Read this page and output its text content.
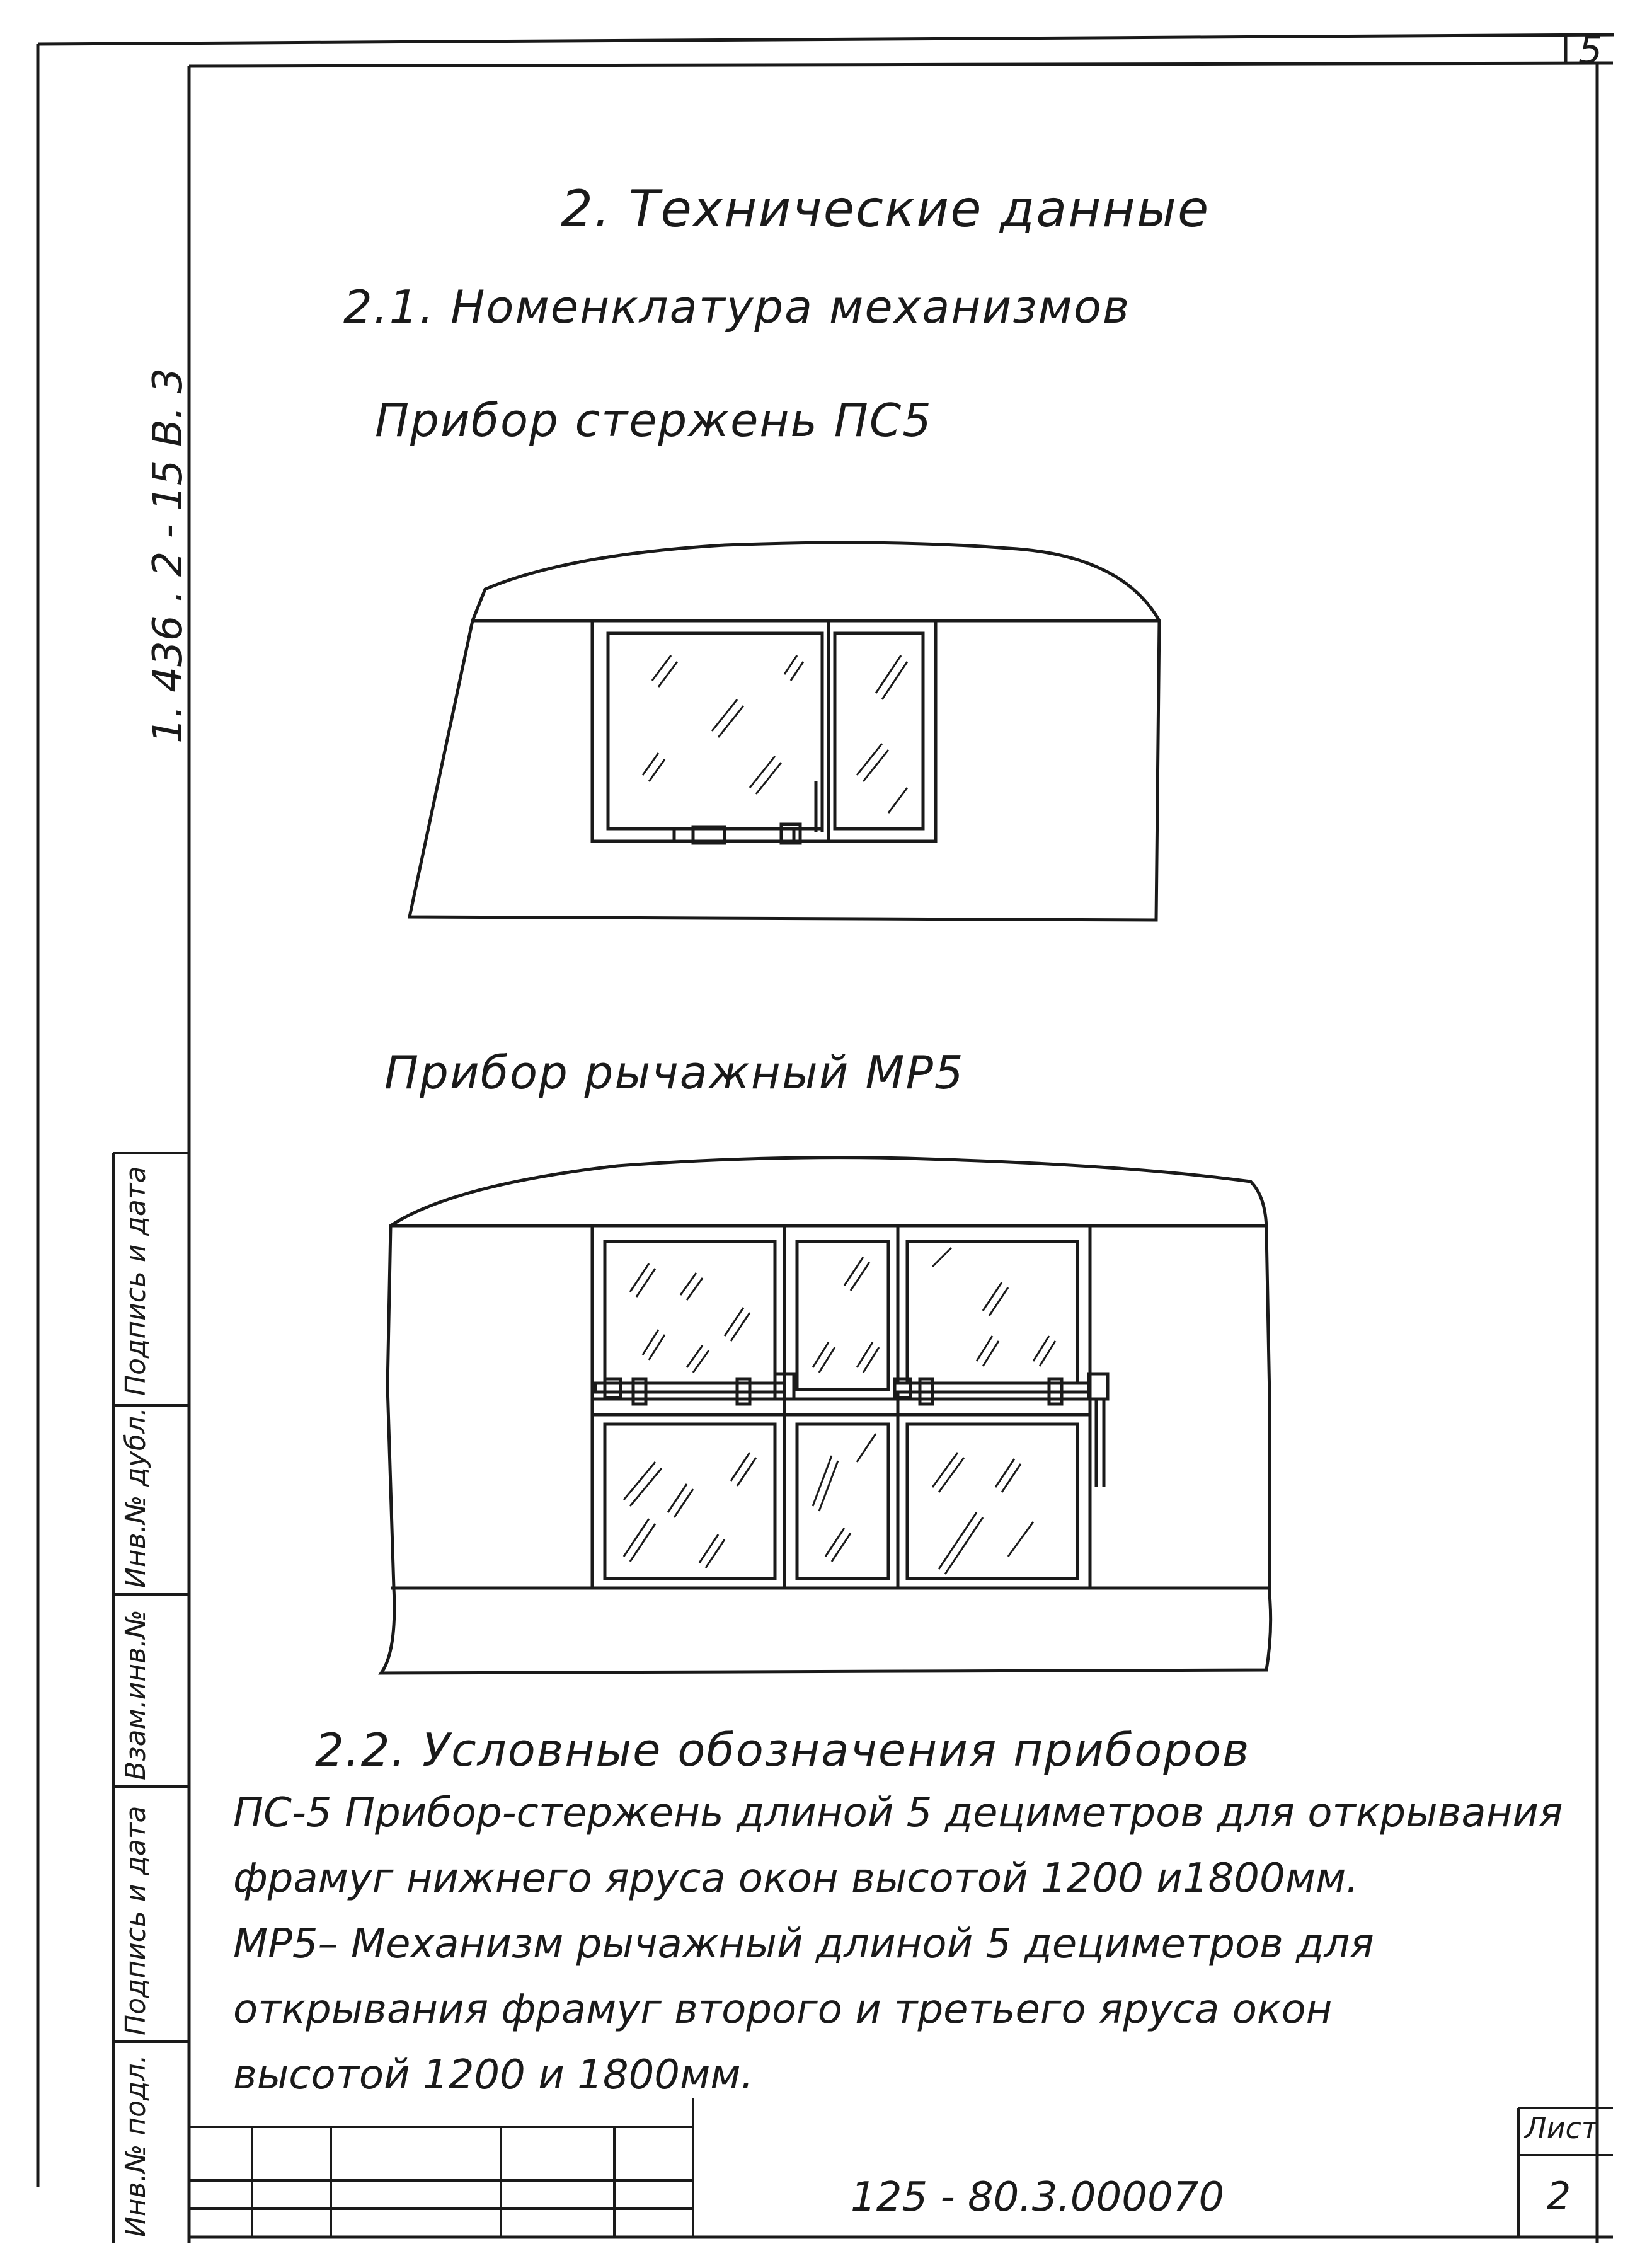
5
2. Технические данные
2.1. Номенклатура механизмов
Прибор стержень ПС5
Прибор рычажный МР5
2.2. Условные обозначения приборов
ПС-5 Прибор-стержень длиной 5 дециметров для открывания
фрамуг нижнего яруса окон высотой 1200 и1800мм.
МР5– Механизм рычажный длиной 5 дециметров для
открывания фрамуг второго и третьего яруса окон
высотой 1200 и 1800мм.
1. 436 . 2 - 15 В. 3
Подпись и дата
Инв.№ дубл.
Взам.инв.№
Подпись и дата
Инв.№ подл.	125 - 80.3.000070
Лист
2
